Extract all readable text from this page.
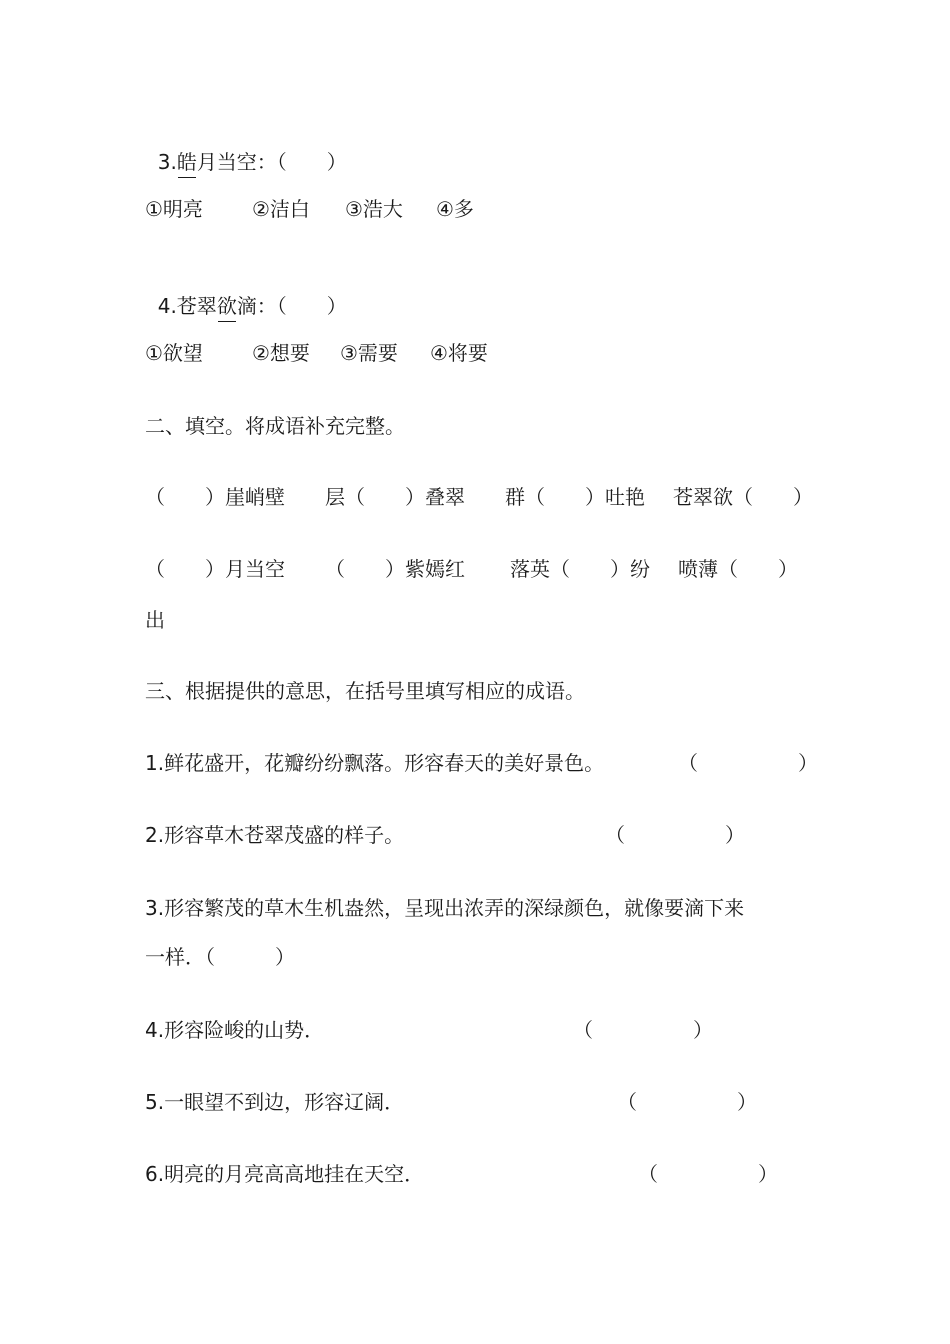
3.皓月当空：（　　）

①明亮 ②洁白 ③浩大 ④多

4.苍翠欲滴：（　　）

①欲望 ②想要 ③需要 ④将要
二、填空。将成语补充完整。
（　　）崖峭壁 层（　　）叠翠 群（　　）吐艳 苍翠欲（　　）
（　　）月当空 （　　）紫嫣红 落英（　　）纷 喷薄（　　）
出
三、根据提供的意思，在括号里填写相应的成语。
1.鲜花盛开，花瓣纷纷飘落。形容春天的美好景色。	（　　　　　）
2.形容草木苍翠茂盛的样子。	（　　　　　）
3.形容繁茂的草木生机盎然，呈现出浓弄的深绿颜色，就像要滴下来
一样．（　　　）
4.形容险峻的山势．	（　　　　　）
5.一眼望不到边，形容辽阔．	（　　　　　）
6.明亮的月亮高高地挂在天空．	（　　　　　）
